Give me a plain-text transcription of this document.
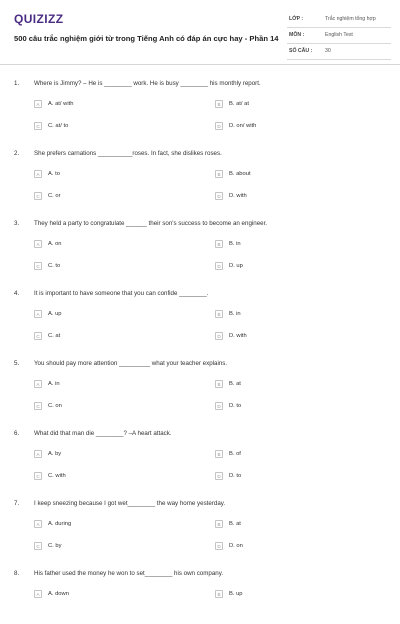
QUIZIZZ
500 câu trắc nghiệm giới từ trong Tiếng Anh có đáp án cực hay - Phần 14
LỚP :	Trắc nghiệm tổng hợp
MÔN :	English Test
SỐ CÂU : 30
1. Where is Jimmy? – He is ________ work. He is busy ________ his monthly report.
A	A. at/ with	B	B. at/ at
C	C. at/ to	D	D. on/ with
2. She prefers carnations __________roses. In fact, she dislikes roses.
A	A. to	B	B. about
C	C. or	D	D. with
3. They held a party to congratulate ______ their son's success to become an engineer.
A	A. on	B	B. in
C	C. to	D	D. up
4. It is important to have someone that you can confide ________.
A	A. up	B	B. in
C	C. at	D	D. with
5. You should pay more attention _________ what your teacher explains.
A	A. in	B	B. at
C	C. on	D	D. to
6. What did that man die ________? –A heart attack.
A	A. by	B	B. of
C	C. with	D	D. to
7. I keep sneezing because I got wet________ the way home yesterday.
A	A. during	B	B. at
C	C. by	D	D. on
8. His father used the money he won to set________ his own company.
A	A. down	B	B. up
